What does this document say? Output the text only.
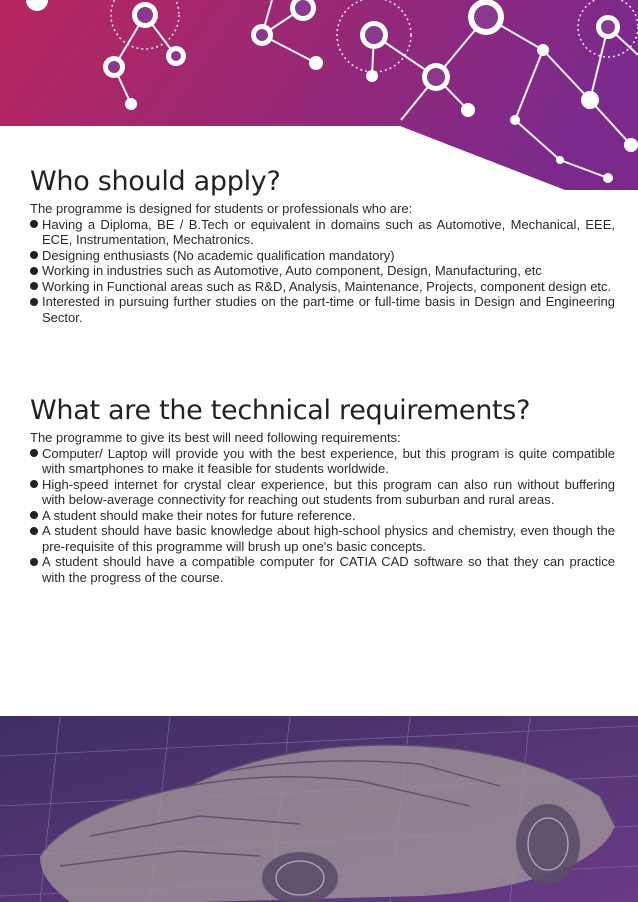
Who should apply?

The programme is designed for students or professionals who are:

Having a Diploma, BE / B.Tech or equivalent in domains such as Automotive, Mechanical, EEE, ECE, Instrumentation, Mechatronics.
Designing enthusiasts (No academic qualification mandatory)
Working in industries such as Automotive, Auto component, Design, Manufacturing, etc
Working in Functional areas such as R&D, Analysis, Maintenance, Projects, component design etc.
Interested in pursuing further studies on the part-time or full-time basis in Design and Engineering Sector.
What are the technical requirements?

The programme to give its best will need following requirements:

Computer/ Laptop will provide you with the best experience, but this program is quite compatible with smartphones to make it feasible for students worldwide.
High-speed internet for crystal clear experience, but this program can also run without buffering with below-average connectivity for reaching out students from suburban and rural areas.
A student should make their notes for future reference.
A student should have basic knowledge about high-school physics and chemistry, even though the pre-requisite of this programme will brush up one's basic concepts.
A student should have a compatible computer for CATIA CAD software so that they can practice with the progress of the course.
